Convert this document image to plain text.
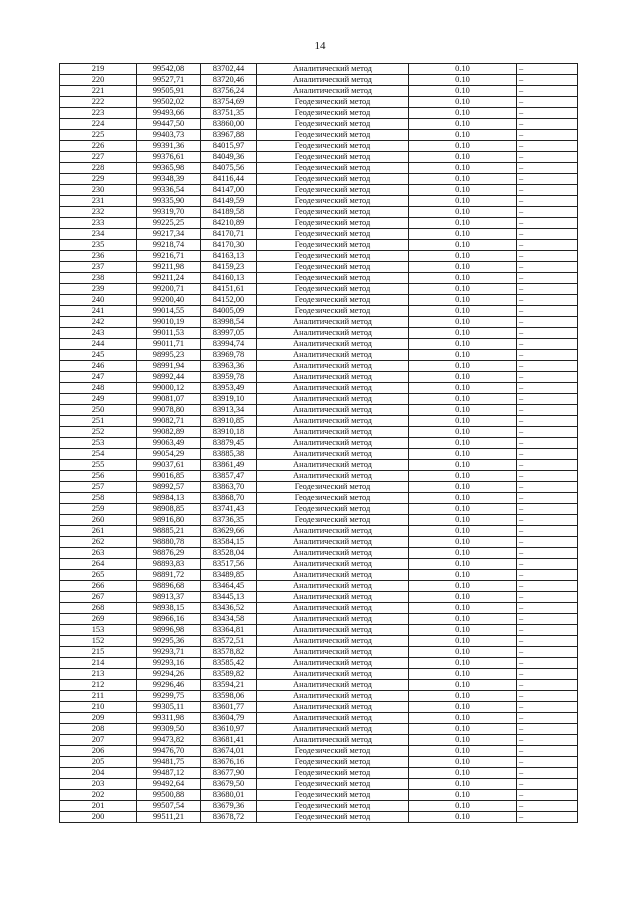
14
219	99542,08	83702,44	Аналитический метод	0.10	–
220	99527,71	83720,46	Аналитический метод	0.10	–
221	99505,91	83756,24	Аналитический метод	0.10	–
222	99502,02	83754,69	Геодезический метод	0.10	–
223	99493,66	83751,35	Геодезический метод	0.10	–
224	99447,50	83860,00	Геодезический метод	0.10	–
225	99403,73	83967,88	Геодезический метод	0.10	–
226	99391,36	84015,97	Геодезический метод	0.10	–
227	99376,61	84049,36	Геодезический метод	0.10	–
228	99365,98	84075,56	Геодезический метод	0.10	–
229	99348,39	84116,44	Геодезический метод	0.10	–
230	99336,54	84147,00	Геодезический метод	0.10	–
231	99335,90	84149,59	Геодезический метод	0.10	–
232	99319,70	84189,58	Геодезический метод	0.10	–
233	99225,25	84210,89	Геодезический метод	0.10	–
234	99217,34	84170,71	Геодезический метод	0.10	–
235	99218,74	84170,30	Геодезический метод	0.10	–
236	99216,71	84163,13	Геодезический метод	0.10	–
237	99211,98	84159,23	Геодезический метод	0.10	–
238	99211,24	84160,13	Геодезический метод	0.10	–
239	99200,71	84151,61	Геодезический метод	0.10	–
240	99200,40	84152,00	Геодезический метод	0.10	–
241	99014,55	84005,09	Геодезический метод	0.10	–
242	99010,19	83998,54	Аналитический метод	0.10	–
243	99011,53	83997,05	Аналитический метод	0.10	–
244	99011,71	83994,74	Аналитический метод	0.10	–
245	98995,23	83969,78	Аналитический метод	0.10	–
246	98991,94	83963,36	Аналитический метод	0.10	–
247	98992,44	83959,78	Аналитический метод	0.10	–
248	99000,12	83953,49	Аналитический метод	0.10	–
249	99081,07	83919,10	Аналитический метод	0.10	–
250	99078,80	83913,34	Аналитический метод	0.10	–
251	99082,71	83910,85	Аналитический метод	0.10	–
252	99082,89	83910,18	Аналитический метод	0.10	–
253	99063,49	83879,45	Аналитический метод	0.10	–
254	99054,29	83885,38	Аналитический метод	0.10	–
255	99037,61	83861,49	Аналитический метод	0.10	–
256	99016,85	83857,47	Аналитический метод	0.10	–
257	98992,57	83863,70	Геодезический метод	0.10	–
258	98984,13	83868,70	Геодезический метод	0.10	–
259	98908,85	83741,43	Геодезический метод	0.10	–
260	98916,80	83736,35	Геодезический метод	0.10	–
261	98885,21	83629,66	Аналитический метод	0.10	–
262	98880,78	83584,15	Аналитический метод	0.10	–
263	98876,29	83528,04	Аналитический метод	0.10	–
264	98893,83	83517,56	Аналитический метод	0.10	–
265	98891,72	83489,85	Аналитический метод	0.10	–
266	98896,68	83464,45	Аналитический метод	0.10	–
267	98913,37	83445,13	Аналитический метод	0.10	–
268	98938,15	83436,52	Аналитический метод	0.10	–
269	98966,16	83434,58	Аналитический метод	0.10	–
153	98996,98	83364,81	Аналитический метод	0.10	–
152	99295,36	83572,51	Аналитический метод	0.10	–
215	99293,71	83578,82	Аналитический метод	0.10	–
214	99293,16	83585,42	Аналитический метод	0.10	–
213	99294,26	83589,82	Аналитический метод	0.10	–
212	99296,46	83594,21	Аналитический метод	0.10	–
211	99299,75	83598,06	Аналитический метод	0.10	–
210	99305,11	83601,77	Аналитический метод	0.10	–
209	99311,98	83604,79	Аналитический метод	0.10	–
208	99309,50	83610,97	Аналитический метод	0.10	–
207	99473,82	83681,41	Аналитический метод	0.10	–
206	99476,70	83674,01	Геодезический метод	0.10	–
205	99481,75	83676,16	Геодезический метод	0.10	–
204	99487,12	83677,90	Геодезический метод	0.10	–
203	99492,64	83679,50	Геодезический метод	0.10	–
202	99500,88	83680,01	Геодезический метод	0.10	–
201	99507,54	83679,36	Геодезический метод	0.10	–
200	99511,21	83678,72	Геодезический метод	0.10	–
